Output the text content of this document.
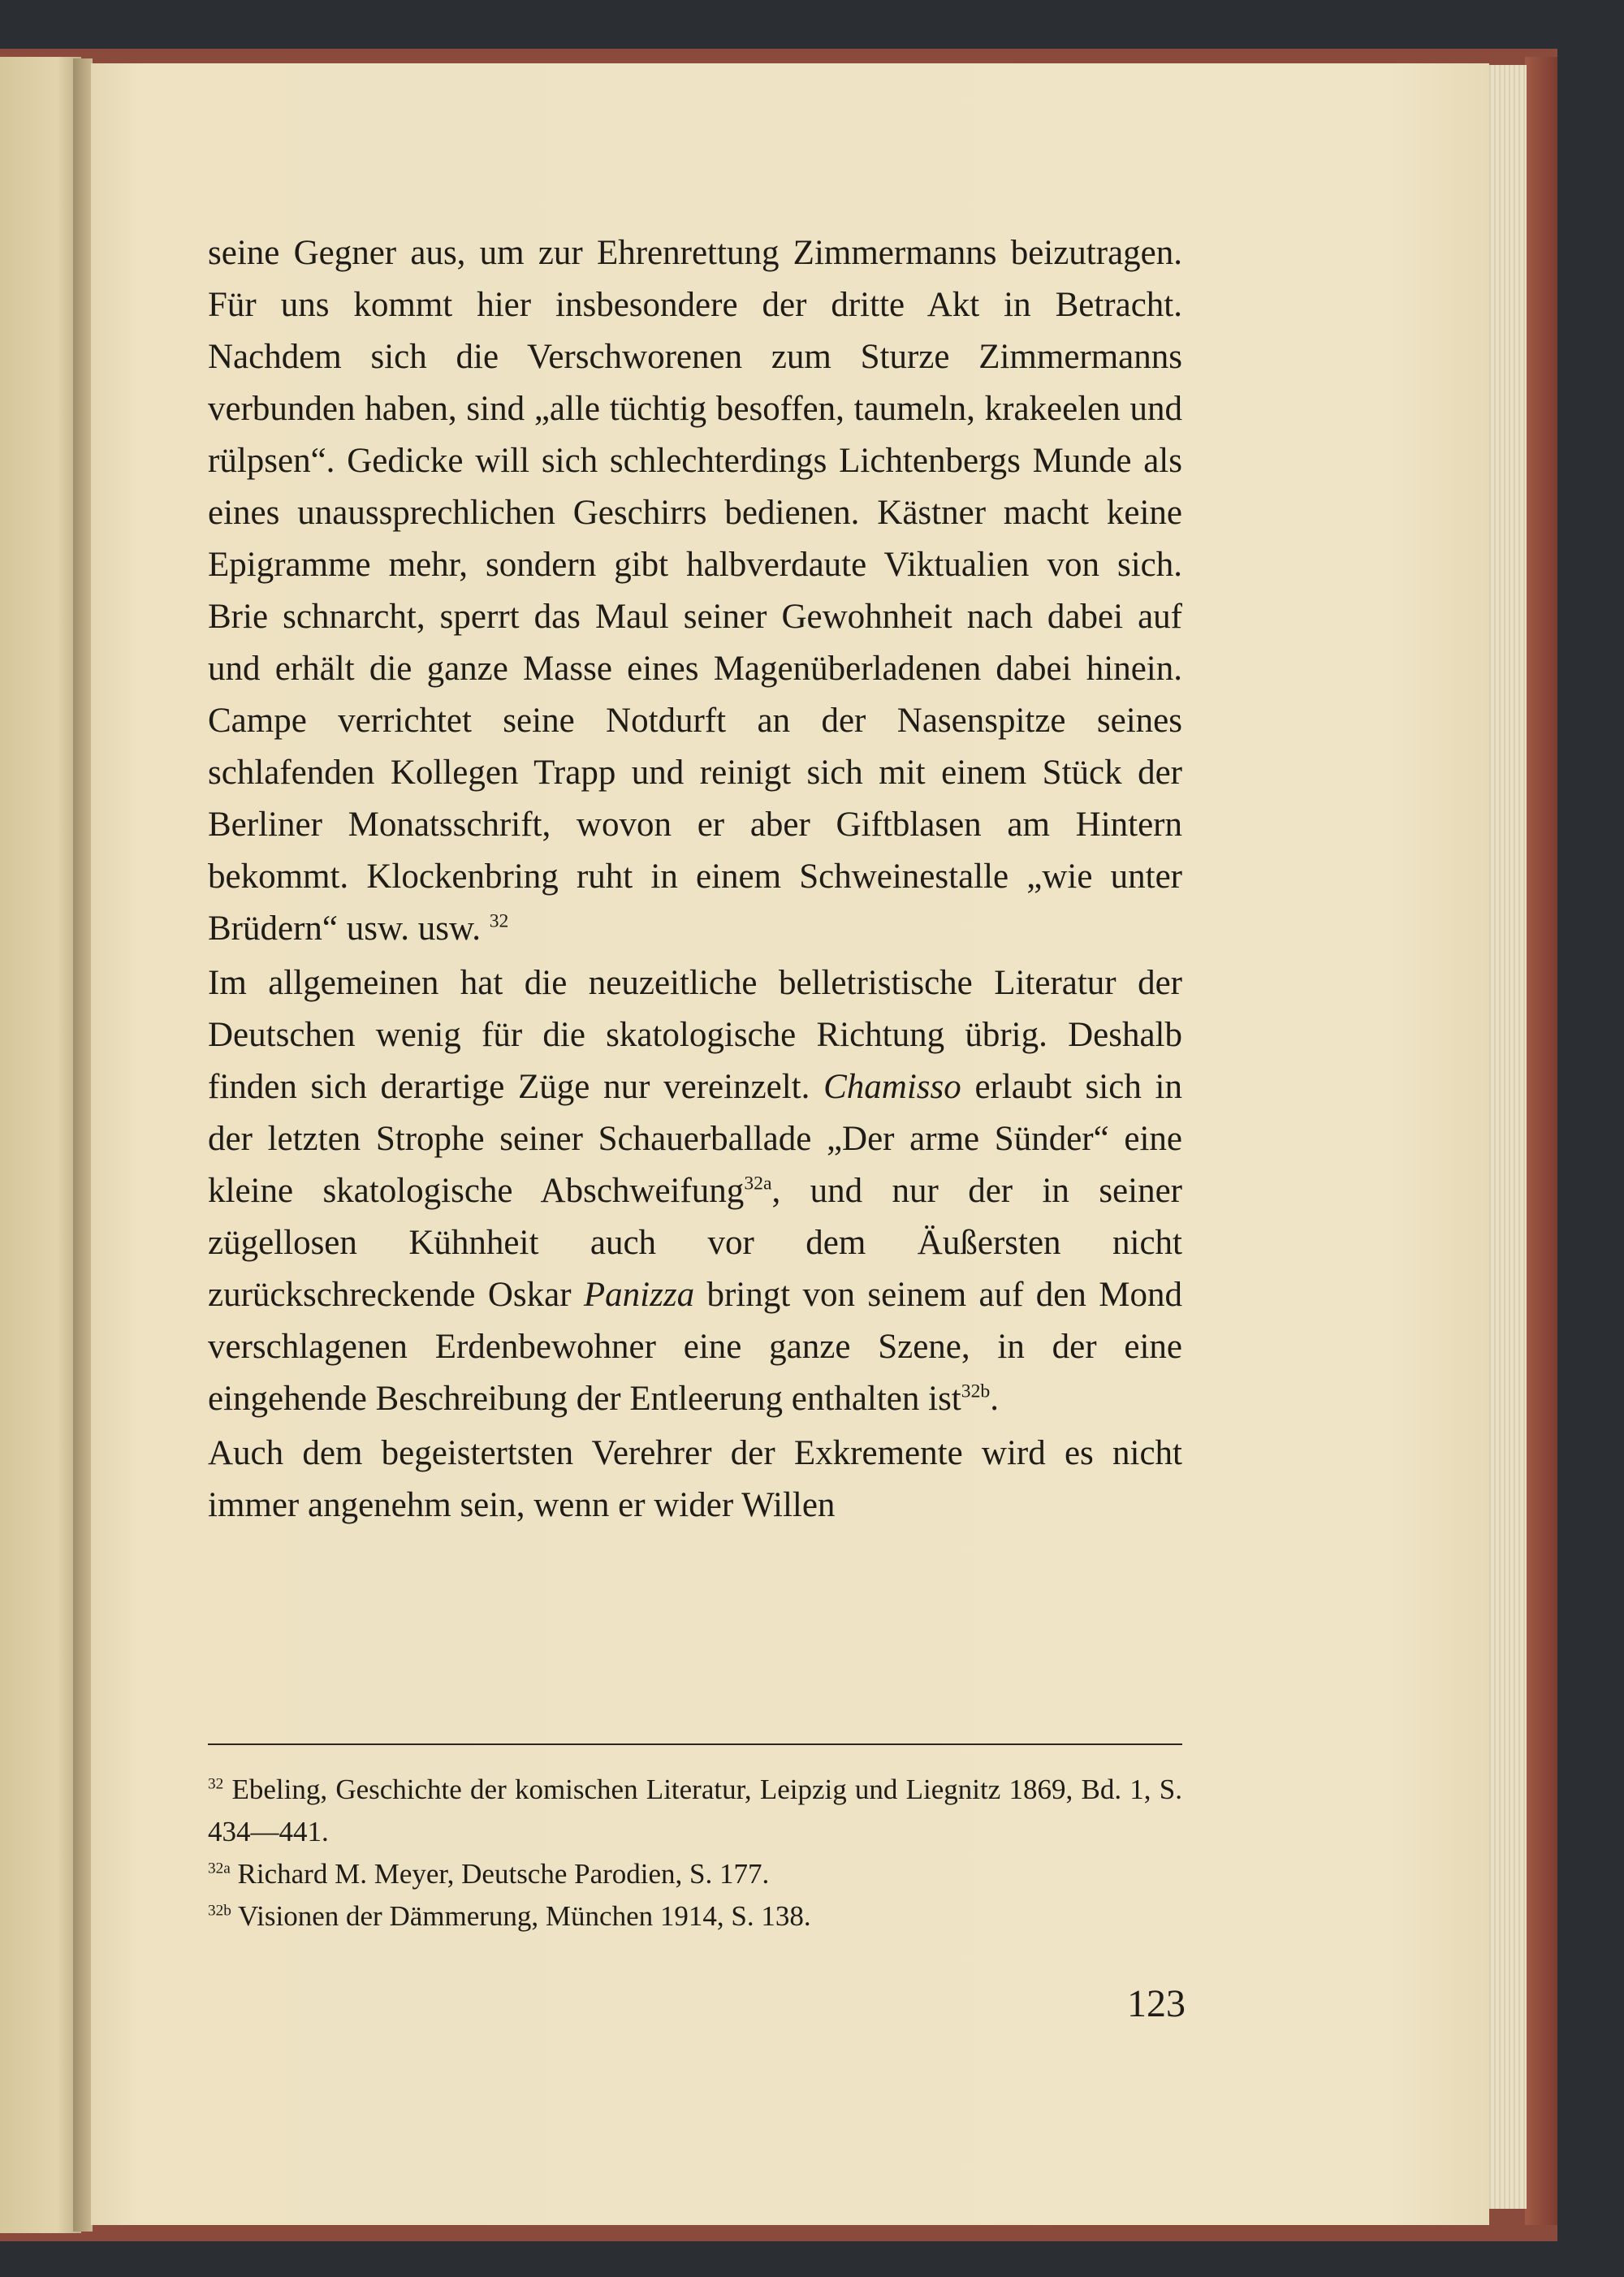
seine Gegner aus, um zur Ehrenrettung Zimmermanns beizutragen. Für uns kommt hier insbesondere der dritte Akt in Betracht. Nachdem sich die Verschworenen zum Sturze Zimmermanns verbunden haben, sind „alle tüchtig besoffen, taumeln, krakeelen und rülpsen“. Gedicke will sich schlechterdings Lichtenbergs Munde als eines unaussprechlichen Geschirrs bedienen. Kästner macht keine Epigramme mehr, sondern gibt halbverdaute Viktualien von sich. Brie schnarcht, sperrt das Maul seiner Gewohnheit nach dabei auf und erhält die ganze Masse eines Magenüberladenen dabei hinein. Campe verrichtet seine Notdurft an der Nasenspitze seines schlafenden Kollegen Trapp und reinigt sich mit einem Stück der Berliner Monatsschrift, wovon er aber Giftblasen am Hintern bekommt. Klockenbring ruht in einem Schweinestalle „wie unter Brüdern“ usw. usw. $^{32}$

Im allgemeinen hat die neuzeitliche belletristische Literatur der Deutschen wenig für die skatologische Richtung übrig. Deshalb finden sich derartige Züge nur vereinzelt. Chamisso erlaubt sich in der letzten Strophe seiner Schauerballade „Der arme Sünder“ eine kleine skatologische Abschweifung$^{32a}$, und nur der in seiner zügellosen Kühnheit auch vor dem Äußersten nicht zurückschreckende Oskar Panizza bringt von seinem auf den Mond verschlagenen Erdenbewohner eine ganze Szene, in der eine eingehende Beschreibung der Entleerung enthalten ist$^{32b}$.

Auch dem begeistertsten Verehrer der Exkremente wird es nicht immer angenehm sein, wenn er wider Willen

$^{32}$ Ebeling, Geschichte der komischen Literatur, Leipzig und Liegnitz 1869, Bd. 1, S. 434—441.

$^{32a}$ Richard M. Meyer, Deutsche Parodien, S. 177.

$^{32b}$ Visionen der Dämmerung, München 1914, S. 138.

123
